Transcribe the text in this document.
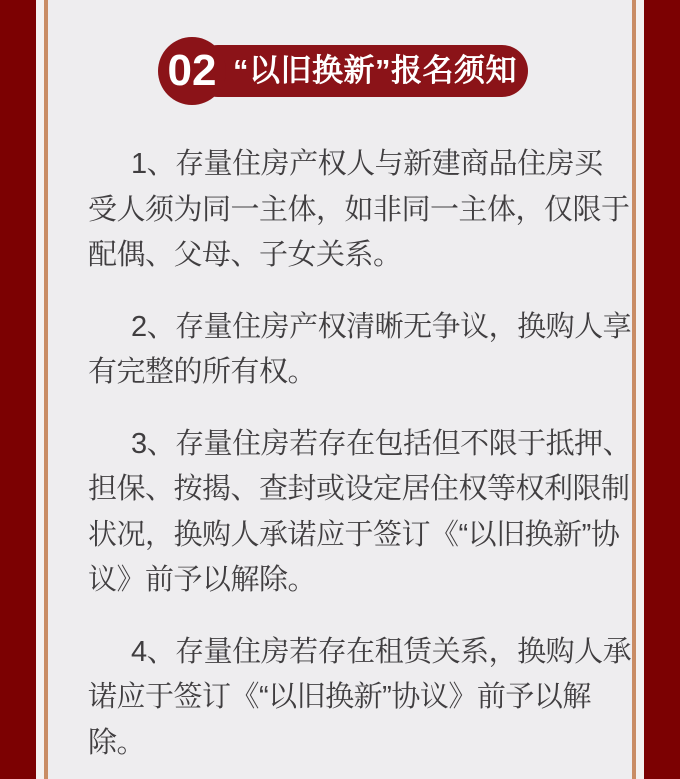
“以旧换新”报名须知
02
1、存量住房产权人与新建商品住房买
受人须为同一主体，如非同一主体，仅限于
配偶、父母、子女关系。
2、存量住房产权清晰无争议，换购人享
有完整的所有权。
3、存量住房若存在包括但不限于抵押、
担保、按揭、查封或设定居住权等权利限制
状况，换购人承诺应于签订《“以旧换新”协
议》前予以解除。
4、存量住房若存在租赁关系，换购人承
诺应于签订《“以旧换新”协议》前予以解
除。
